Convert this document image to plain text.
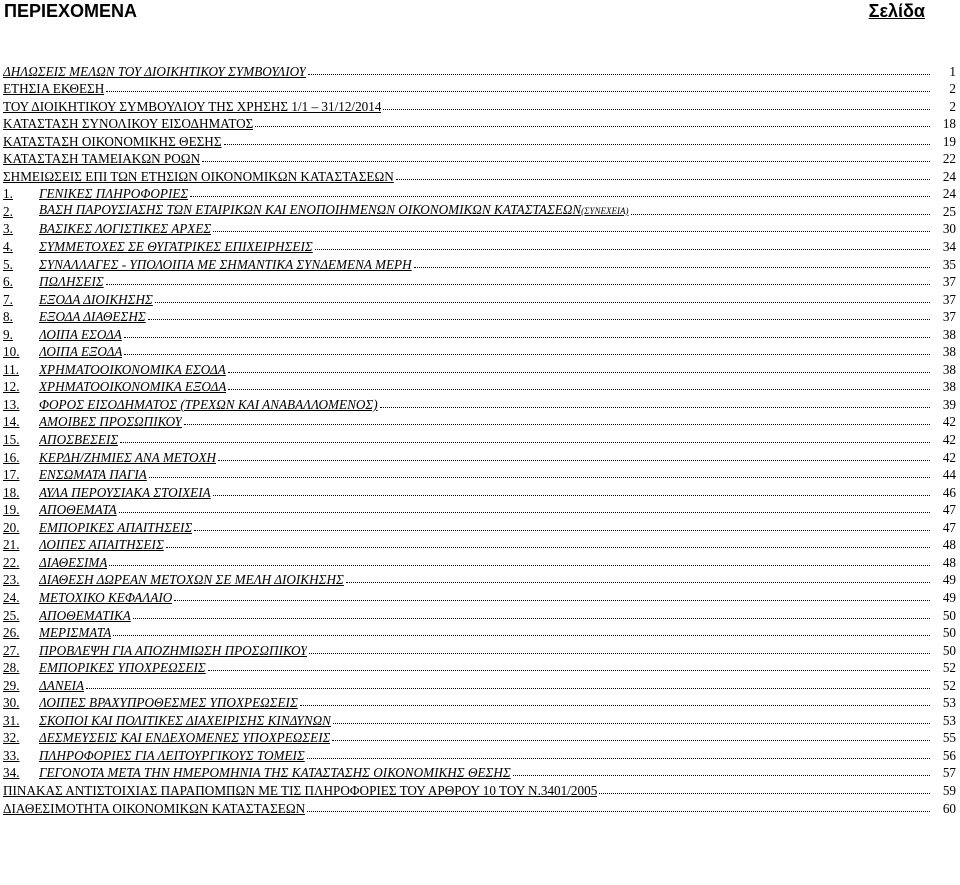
ΠΕΡΙΕΧΟΜΕΝΑ	Σελίδα
ΔΗΛΩΣΕΙΣ ΜΕΛΩΝ ΤΟΥ ΔΙΟΙΚΗΤΙΚΟΥ ΣΥΜΒΟΥΛΙΟΥ	1
ΕΤΗΣΙΑ ΕΚΘΕΣΗ	2
ΤΟΥ ΔΙΟΙΚΗΤΙΚΟΥ ΣΥΜΒΟΥΛΙΟΥ ΤΗΣ ΧΡΗΣΗΣ 1/1 – 31/12/2014	2
ΚΑΤΑΣΤΑΣΗ ΣΥΝΟΛΙΚΟΥ ΕΙΣΟΔΗΜΑΤΟΣ	18
ΚΑΤΑΣΤΑΣΗ ΟΙΚΟΝΟΜΙΚΗΣ ΘΕΣΗΣ	19
ΚΑΤΑΣΤΑΣΗ ΤΑΜΕΙΑΚΩΝ ΡΟΩΝ	22
ΣΗΜΕΙΩΣΕΙΣ ΕΠΙ ΤΩΝ ΕΤΗΣΙΩΝ ΟΙΚΟΝΟΜΙΚΩΝ ΚΑΤΑΣΤΑΣΕΩΝ	24
1.	ΓΕΝΙΚΕΣ ΠΛΗΡΟΦΟΡΙΕΣ	24
2.	ΒΑΣΗ ΠΑΡΟΥΣΙΑΣΗΣ ΤΩΝ ΕΤΑΙΡΙΚΩΝ ΚΑΙ ΕΝΟΠΟΙΗΜΕΝΩΝ ΟΙΚΟΝΟΜΙΚΩΝ ΚΑΤΑΣΤΑΣΕΩΝ(ΣΥΝΕΧΕΙΑ)	25
3.	ΒΑΣΙΚΕΣ ΛΟΓΙΣΤΙΚΕΣ ΑΡΧΕΣ	30
4.	ΣΥΜΜΕΤΟΧΕΣ ΣΕ ΘΥΓΑΤΡΙΚΕΣ ΕΠΙΧΕΙΡΗΣΕΙΣ	34
5.	ΣΥΝΑΛΛΑΓΕΣ - ΥΠΟΛΟΙΠΑ ΜΕ ΣΗΜΑΝΤΙΚΑ ΣΥΝΔΕΜΕΝΑ ΜΕΡΗ	35
6.	ΠΩΛΗΣΕΙΣ	37
7.	ΕΞΟΔΑ ΔΙΟΙΚΗΣΗΣ	37
8.	ΕΞΟΔΑ ΔΙΑΘΕΣΗΣ	37
9.	ΛΟΙΠΑ ΕΣΟΔΑ	38
10.	ΛΟΙΠΑ ΕΞΟΔΑ	38
11.	ΧΡΗΜΑΤΟΟΙΚΟΝΟΜΙΚΑ ΕΣΟΔΑ	38
12.	ΧΡΗΜΑΤΟΟΙΚΟΝΟΜΙΚΑ ΕΞΟΔΑ	38
13.	ΦΟΡΟΣ ΕΙΣΟΔΗΜΑΤΟΣ (ΤΡΕΧΩΝ ΚΑΙ ΑΝΑΒΑΛΛΟΜΕΝΟΣ)	39
14.	ΑΜΟΙΒΕΣ ΠΡΟΣΩΠΙΚΟΥ	42
15.	ΑΠΟΣΒΕΣΕΙΣ	42
16.	ΚΕΡΔΗ/ΖΗΜΙΕΣ ΑΝΑ ΜΕΤΟΧΗ	42
17.	ΕΝΣΩΜΑΤΑ ΠΑΓΙΑ	44
18.	ΑΥΛΑ ΠΕΡΟΥΣΙΑΚΑ ΣΤΟΙΧΕΙΑ	46
19.	ΑΠΟΘΕΜΑΤΑ	47
20.	ΕΜΠΟΡΙΚΕΣ ΑΠΑΙΤΗΣΕΙΣ	47
21.	ΛΟΙΠΕΣ ΑΠΑΙΤΗΣΕΙΣ	48
22.	ΔΙΑΘΕΣΙΜΑ	48
23.	ΔΙΑΘΕΣΗ ΔΩΡΕΑΝ ΜΕΤΟΧΩΝ ΣΕ ΜΕΛΗ ΔΙΟΙΚΗΣΗΣ	49
24.	ΜΕΤΟΧΙΚΟ ΚΕΦΑΛΑΙΟ	49
25.	ΑΠΟΘΕΜΑΤΙΚΑ	50
26.	ΜΕΡΙΣΜΑΤΑ	50
27.	ΠΡΟΒΛΕΨΗ ΓΙΑ ΑΠΟΖΗΜΙΩΣΗ ΠΡΟΣΩΠΙΚΟΥ	50
28.	ΕΜΠΟΡΙΚΕΣ ΥΠΟΧΡΕΩΣΕΙΣ	52
29.	ΔΑΝΕΙΑ	52
30.	ΛΟΙΠΕΣ ΒΡΑΧΥΠΡΟΘΕΣΜΕΣ ΥΠΟΧΡΕΩΣΕΙΣ	53
31.	ΣΚΟΠΟΙ ΚΑΙ ΠΟΛΙΤΙΚΕΣ ΔΙΑΧΕΙΡΙΣΗΣ ΚΙΝΔΥΝΩΝ	53
32.	ΔΕΣΜΕΥΣΕΙΣ ΚΑΙ ΕΝΔΕΧΟΜΕΝΕΣ ΥΠΟΧΡΕΩΣΕΙΣ	55
33.	ΠΛΗΡΟΦΟΡΙΕΣ ΓΙΑ ΛΕΙΤΟΥΡΓΙΚΟΥΣ ΤΟΜΕΙΣ	56
34.	ΓΕΓΟΝΟΤΑ ΜΕΤΑ ΤΗΝ ΗΜΕΡΟΜΗΝΙΑ ΤΗΣ ΚΑΤΑΣΤΑΣΗΣ ΟΙΚΟΝΟΜΙΚΗΣ ΘΕΣΗΣ	57
ΠΙΝΑΚΑΣ ΑΝΤΙΣΤΟΙΧΙΑΣ ΠΑΡΑΠΟΜΠΩΝ ΜΕ ΤΙΣ ΠΛΗΡΟΦΟΡΙΕΣ ΤΟΥ ΑΡΘΡΟΥ 10 ΤΟΥ Ν.3401/2005	59
ΔΙΑΘΕΣΙΜΟΤΗΤΑ ΟΙΚΟΝΟΜΙΚΩΝ ΚΑΤΑΣΤΑΣΕΩΝ	60
